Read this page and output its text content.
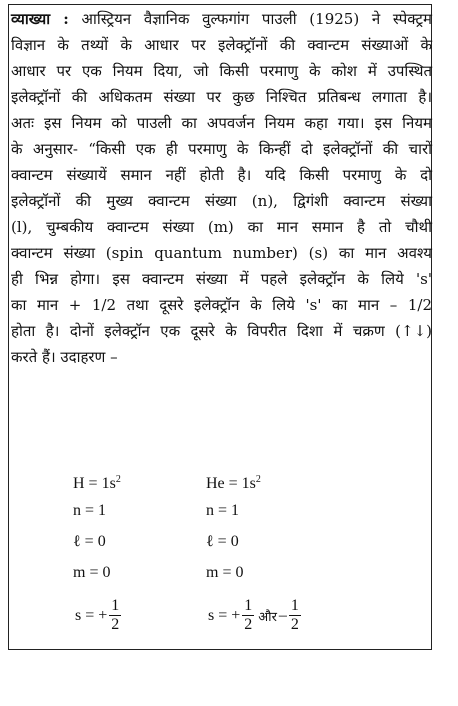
व्याख्या : आस्ट्रियन वैज्ञानिक वुल्फगांग पाउली (1925) ने स्पेक्ट्रम
विज्ञान के तथ्यों के आधार पर इलेक्ट्रॉनों की क्वान्टम संख्याओं के
आधार पर एक नियम दिया, जो किसी परमाणु के कोश में उपस्थित
इलेक्ट्रॉनों की अधिकतम संख्या पर कुछ निश्चित प्रतिबन्ध लगाता है।
अतः इस नियम को पाउली का अपवर्जन नियम कहा गया। इस नियम
के अनुसार- “किसी एक ही परमाणु के किन्हीं दो इलेक्ट्रॉनों की चारों
क्वान्टम संख्यायें समान नहीं होती है। यदि किसी परमाणु के दो
इलेक्ट्रॉनों की मुख्य क्वान्टम संख्या (n), द्विगंशी क्वान्टम संख्या
(l), चुम्बकीय क्वान्टम संख्या (m) का मान समान है तो चौथी
क्वान्टम संख्या (spin quantum number) (s) का मान अवश्य
ही भिन्न होगा। इस क्वान्टम संख्या में पहले इलेक्ट्रॉन के लिये 's'
का मान + 1/2 तथा दूसरे इलेक्ट्रॉन के लिये 's' का मान – 1/2
होता है। दोनों इलेक्ट्रॉन एक दूसरे के विपरीत दिशा में चक्रण (↑↓)
करते हैं। उदाहरण –
$H = 1s^2$
n = 1
ℓ = 0
m = 0
s = + $\frac{1}{2}$
$He = 1s^2$
n = 1
ℓ = 0
m = 0
s = + $\frac{1}{2}$ और – $\frac{1}{2}$
